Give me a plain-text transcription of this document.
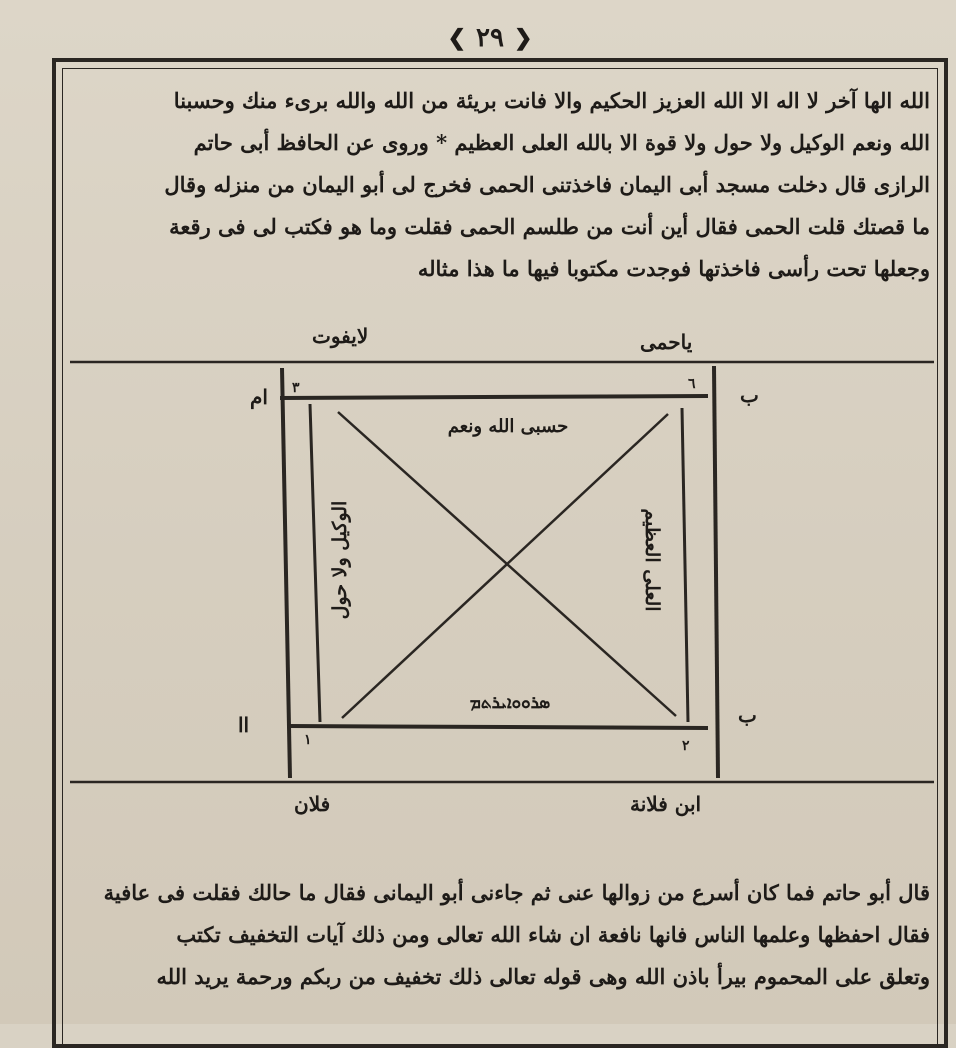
❮
٢٩
❯
الله الها آخر لا اله الا الله العزيز الحكيم والا فانت بريئة من الله والله برىء منك وحسبنا
الله ونعم الوكيل ولا حول ولا قوة الا بالله العلى العظيم * وروى عن الحافظ أبى حاتم
الرازى قال دخلت مسجد أبى اليمان فاخذتنى الحمى فخرج لى أبو اليمان من منزله وقال
ما قصتك قلت الحمى فقال أين أنت من طلسم الحمى فقلت وما هو فكتب لى فى رقعة
وجعلها تحت رأسى فاخذتها فوجدت مكتوبا فيها ما هذا مثاله
حسبى الله ونعم
ܣܪܘܘܐܝܪܬܡ
الوكيل ولا حول	العلى العظيم
ب
ام
ب
اا
٦
٣
٢
١
ياحمى
لايفوت
ابن فلانة
فلان
قال أبو حاتم فما كان أسرع من زوالها عنى ثم جاءنى أبو اليمانى فقال ما حالك فقلت فى عافية
فقال احفظها وعلمها الناس فانها نافعة ان شاء الله تعالى ومن ذلك آيات التخفيف تكتب
وتعلق على المحموم بيرأ باذن الله وهى قوله تعالى ذلك تخفيف من ربكم ورحمة يريد الله
